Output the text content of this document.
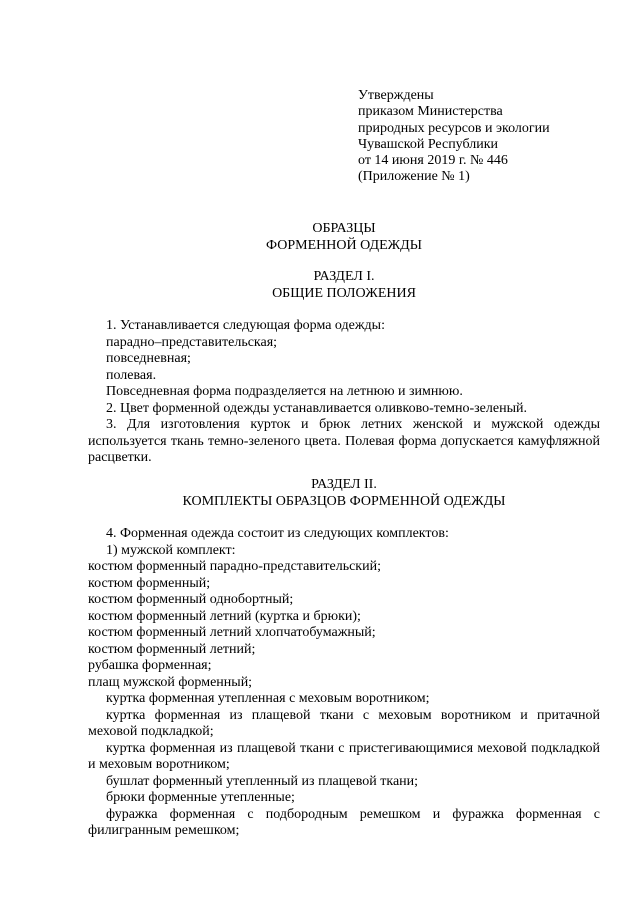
Утверждены
приказом Министерства
природных ресурсов и экологии
Чувашской Республики
от 14 июня 2019 г. № 446
(Приложение № 1)
ОБРАЗЦЫ
ФОРМЕННОЙ ОДЕЖДЫ
РАЗДЕЛ I.
ОБЩИЕ ПОЛОЖЕНИЯ
1. Устанавливается следующая форма одежды:
парадно–представительская;
повседневная;
полевая.
Повседневная форма подразделяется на летнюю и зимнюю.
2. Цвет форменной одежды устанавливается оливково-темно-зеленый.
3. Для изготовления курток и брюк летних женской и мужской одежды используется ткань темно-зеленого цвета. Полевая форма допускается камуфляжной расцветки.
РАЗДЕЛ II.
КОМПЛЕКТЫ ОБРАЗЦОВ ФОРМЕННОЙ ОДЕЖДЫ
4. Форменная одежда состоит из следующих комплектов:
1) мужской комплект:
костюм форменный парадно-представительский;
костюм форменный;
костюм форменный однобортный;
костюм форменный летний (куртка и брюки);
костюм форменный летний хлопчатобумажный;
костюм форменный летний;
рубашка форменная;
плащ мужской форменный;
куртка форменная утепленная с меховым воротником;
куртка форменная из плащевой ткани с меховым воротником и притачной меховой подкладкой;
куртка форменная из плащевой ткани с пристегивающимися меховой подкладкой и меховым воротником;
бушлат форменный утепленный из плащевой ткани;
брюки форменные утепленные;
фуражка форменная с подбородным ремешком и фуражка форменная с филигранным ремешком;
